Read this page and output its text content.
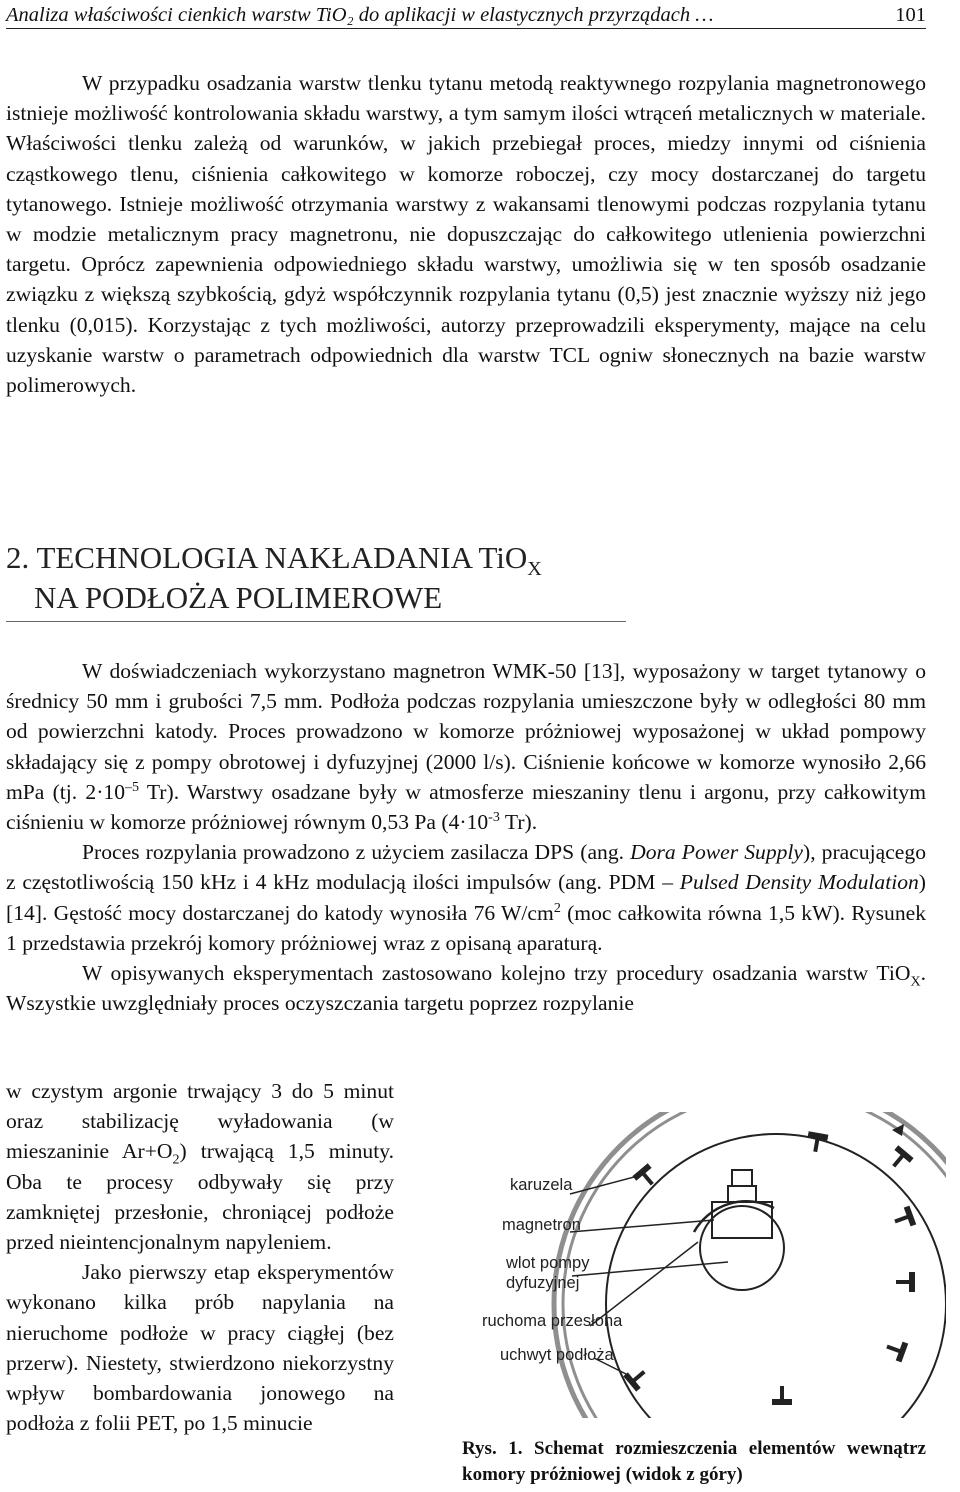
Analiza właściwości cienkich warstw TiO₂ do aplikacji w elastycznych przyrządach …	101

W przypadku osadzania warstw tlenku tytanu metodą reaktywnego rozpylania magnetronowego istnieje możliwość kontrolowania składu warstwy, a tym samym ilości wtrąceń metalicznych w materiale. Właściwości tlenku zależą od warunków, w jakich przebiegał proces, miedzy innymi od ciśnienia cząstkowego tlenu, ciśnienia całkowitego w komorze roboczej, czy mocy dostarczanej do targetu tytanowego. Istnieje możliwość otrzymania warstwy z wakansami tlenowymi podczas rozpylania tytanu w modzie metalicznym pracy magnetronu, nie dopuszczając do całkowitego utlenienia powierzchni targetu. Oprócz zapewnienia odpowiedniego składu warstwy, umożliwia się w ten sposób osadzanie związku z większą szybkością, gdyż współczynnik rozpylania tytanu (0,5) jest znacznie wyższy niż jego tlenku (0,015). Korzystając z tych możliwości, autorzy przeprowadzili eksperymenty, mające na celu uzyskanie warstw o parametrach odpowiednich dla warstw TCL ogniw słonecznych na bazie warstw polimerowych.

2. TECHNOLOGIA NAKŁADANIA TiO$_X$
NA PODŁOŻA POLIMEROWE

W doświadczeniach wykorzystano magnetron WMK-50 [13], wyposażony w target tytanowy o średnicy 50 mm i grubości 7,5 mm. Podłoża podczas rozpylania umieszczone były w odległości 80 mm od powierzchni katody. Proces prowadzono w komorze próżniowej wyposażonej w układ pompowy składający się z pompy obrotowej i dyfuzyjnej (2000 l/s). Ciśnienie końcowe w komorze wynosiło 2,66 mPa (tj. $2\cdot 10^{-5}$ Tr). Warstwy osadzane były w atmosferze mieszaniny tlenu i argonu, przy całkowitym ciśnieniu w komorze próżniowej równym 0,53 Pa ($4\cdot 10^{-3}$ Tr).

Proces rozpylania prowadzono z użyciem zasilacza DPS (ang. Dora Power Supply), pracującego z częstotliwością 150 kHz i 4 kHz modulacją ilości impulsów (ang. PDM – Pulsed Density Modulation) [14]. Gęstość mocy dostarczanej do katody wynosiła 76 $W/cm^2$ (moc całkowita równa 1,5 kW). Rysunek 1 przedstawia przekrój komory próżniowej wraz z opisaną aparaturą.

W opisywanych eksperymentach zastosowano kolejno trzy procedury osadzania warstw TiO$_X$. Wszystkie uwzględniały proces oczyszczania targetu poprzez rozpylanie

w czystym argonie trwający 3 do 5 minut oraz stabilizację wyładowania (w mieszaninie $Ar+O_2$) trwającą 1,5 minuty. Oba te procesy odbywały się przy zamkniętej przesłonie, chroniącej podłoże przed nieintencjonalnym napyleniem.

Jako pierwszy etap eksperymentów wykonano kilka prób napylania na nieruchome podłoże w pracy ciągłej (bez przerw). Niestety, stwierdzono niekorzystny wpływ bombardowania jonowego na podłoża z folii PET, po 1,5 minucie

karuzela
magnetron
wlot pompy
dyfuzyjnej
ruchoma przesłona
uchwyt podłoża
Rys. 1. Schemat rozmieszczenia elementów wewnątrz komory próżniowej (widok z góry)
